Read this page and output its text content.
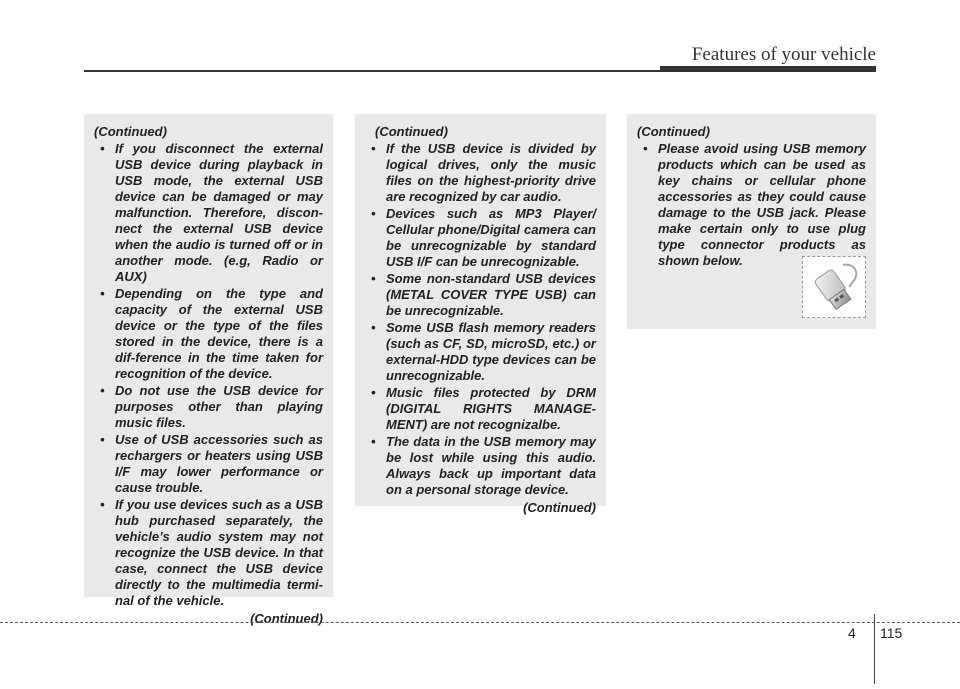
Features of your vehicle
(Continued)
• If you disconnect the external USB device during playback in USB mode, the external USB device can be damaged or may malfunction. Therefore, discon-nect the external USB device when the audio is turned off or in another mode. (e.g, Radio or AUX)
• Depending on the type and capacity of the external USB device or the type of the files stored in the device, there is a dif-ference in the time taken for recognition of the device.
• Do not use the USB device for purposes other than playing music files.
• Use of USB accessories such as rechargers or heaters using USB I/F may lower performance or cause trouble.
• If you use devices such as a USB hub purchased separately, the vehicle’s audio system may not recognize the USB device. In that case, connect the USB device directly to the multimedia termi-nal of the vehicle.
(Continued)
(Continued)
• If the USB device is divided by logical drives, only the music files on the highest-priority drive are recognized by car audio.
• Devices such as MP3 Player/ Cellular phone/Digital camera can be unrecognizable by standard USB I/F can be unrecognizable.
• Some non-standard USB devices (METAL COVER TYPE USB) can be unrecognizable.
• Some USB flash memory readers (such as CF, SD, microSD, etc.) or external-HDD type devices can be unrecognizable.
• Music files protected by DRM (DIGITAL RIGHTS MANAGE-MENT) are not recognizalbe.
• The data in the USB memory may be lost while using this audio. Always back up important data on a personal storage device.
(Continued)
(Continued)
• Please avoid using USB memory products which can be used as key chains or cellular phone accessories as they could cause damage to the USB jack. Please make certain only to use plug type connector products as shown below.
4 115
